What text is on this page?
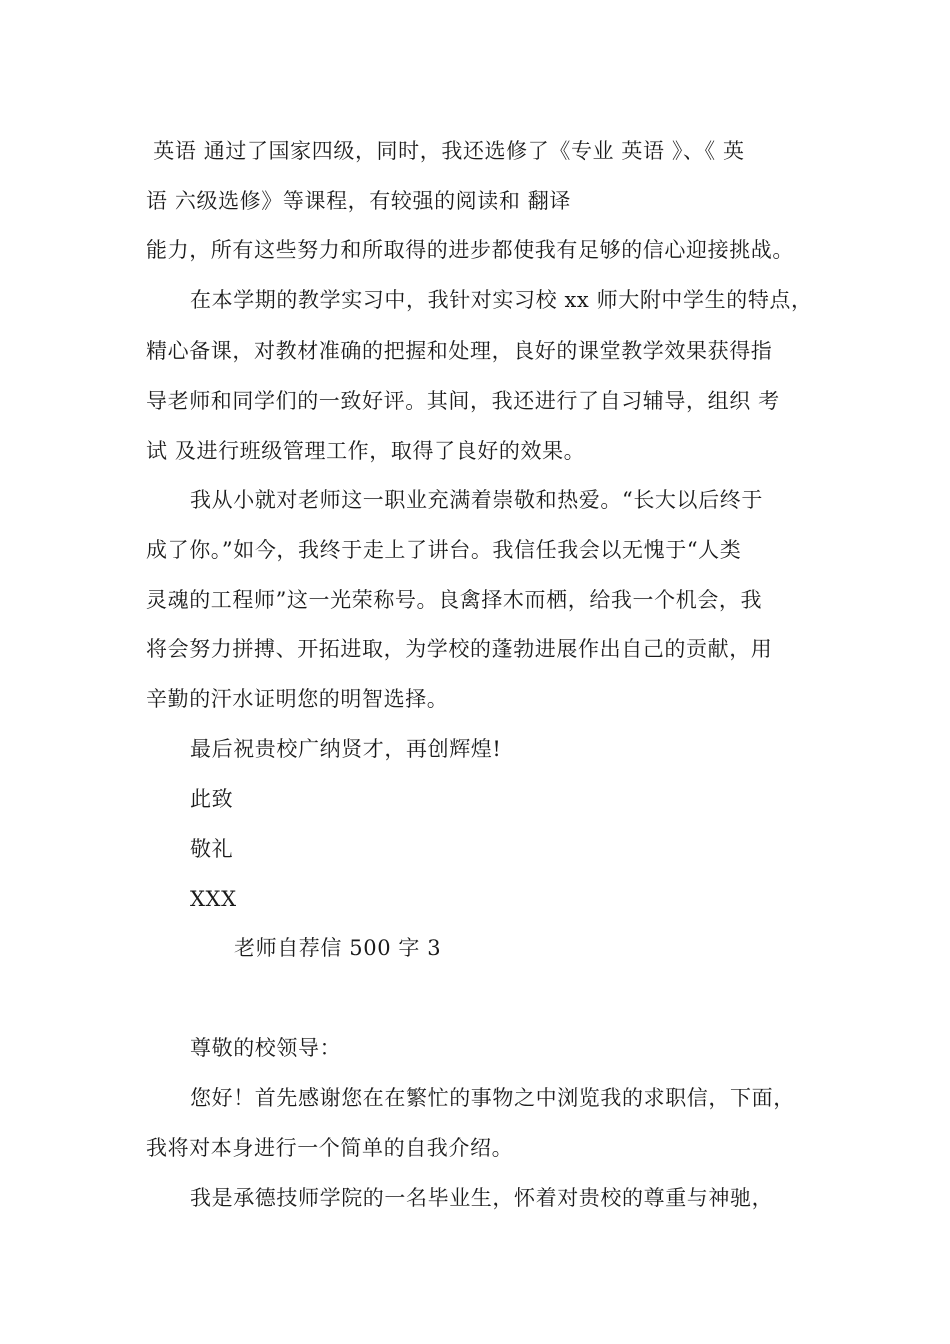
英语 通过了国家四级，同时，我还选修了《专业 英语 》、《 英
语 六级选修》等课程，有较强的阅读和 翻译
能力，所有这些努力和所取得的进步都使我有足够的信心迎接挑战。
在本学期的教学实习中，我针对实习校 xx 师大附中学生的特点，
精心备课，对教材准确的把握和处理，良好的课堂教学效果获得指
导老师和同学们的一致好评。其间，我还进行了自习辅导，组织 考
试 及进行班级管理工作，取得了良好的效果。
我从小就对老师这一职业充满着崇敬和热爱。“长大以后终于
成了你。”如今，我终于走上了讲台。我信任我会以无愧于“人类
灵魂的工程师”这一光荣称号。良禽择木而栖，给我一个机会，我
将会努力拼搏、开拓进取，为学校的蓬勃进展作出自己的贡献，用
辛勤的汗水证明您的明智选择。
最后祝贵校广纳贤才，再创辉煌!
此致
敬礼
XXX
老师自荐信 500 字 3
尊敬的校领导：
您好！首先感谢您在在繁忙的事物之中浏览我的求职信，下面，
我将对本身进行一个简单的自我介绍。
我是承德技师学院的一名毕业生，怀着对贵校的尊重与神驰，
